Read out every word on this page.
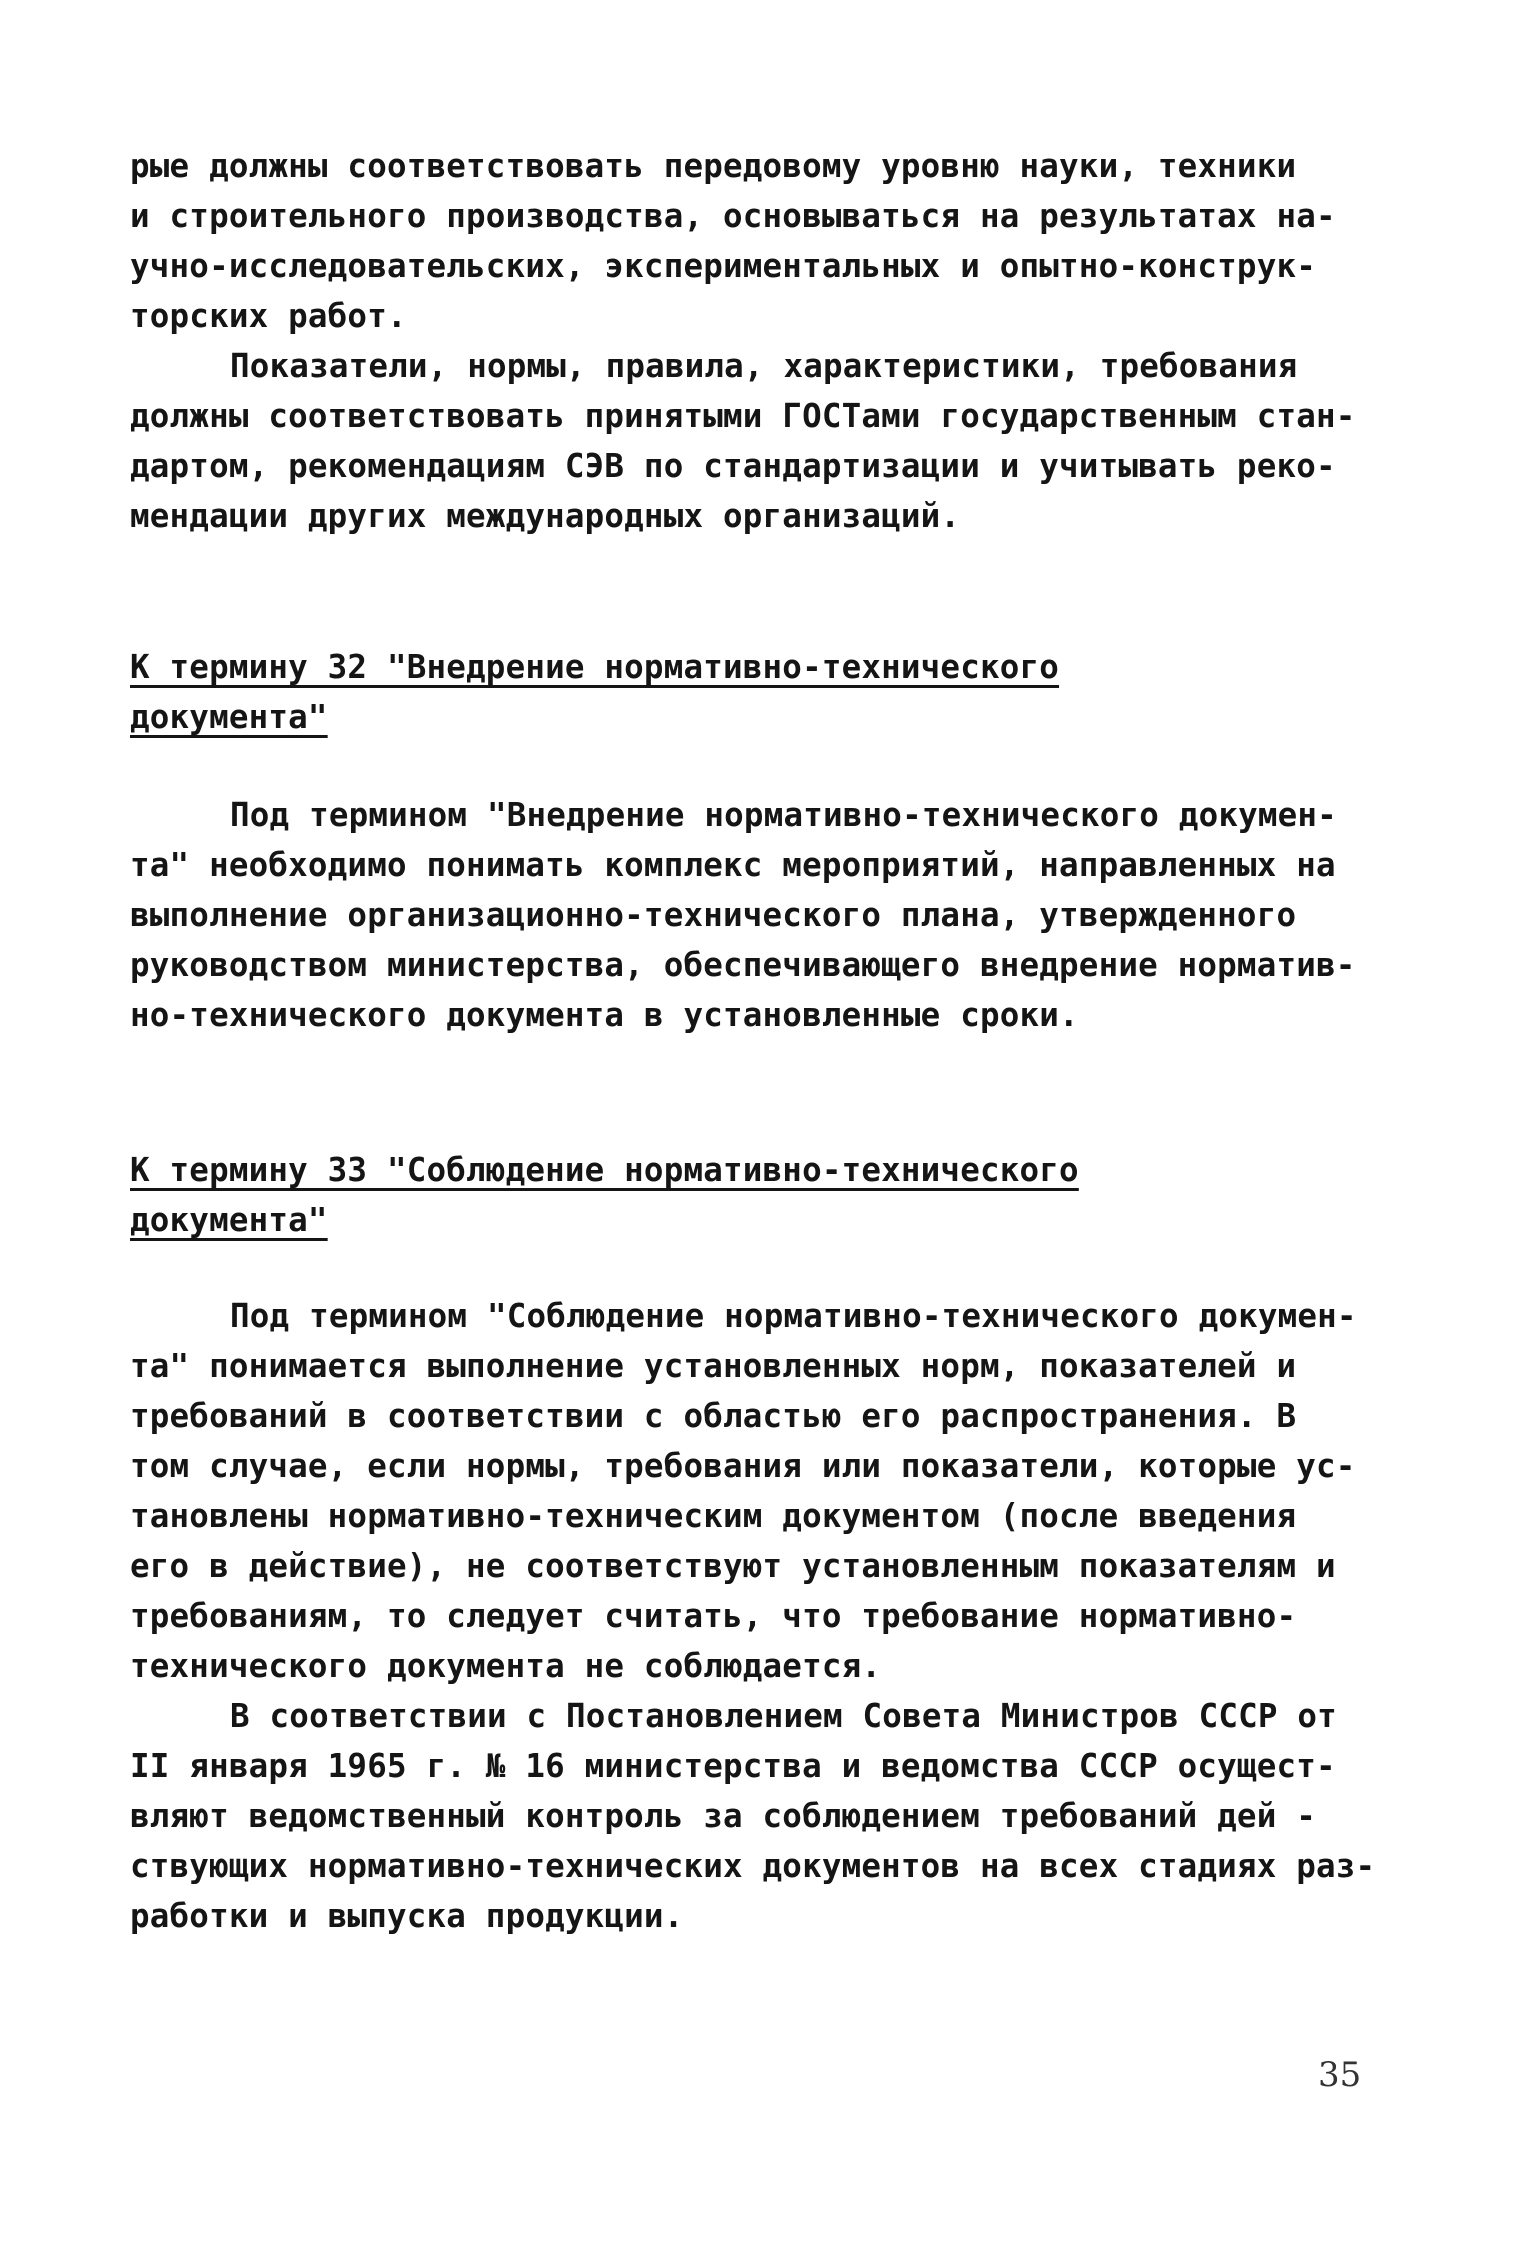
рые должны соответствовать передовому уровню науки, техники
и строительного производства, основываться на результатах на-
учно-исследовательских, экспериментальных и опытно-конструк-
торских работ.
Показатели, нормы, правила, характеристики, требования
должны соответствовать принятыми ГОСТами государственным стан-
дартом, рекомендациям СЭВ по стандартизации и учитывать реко-
мендации других международных организаций.
К термину 32 "Внедрение нормативно-технического
документа"
Под термином "Внедрение нормативно-технического докумен-
та" необходимо понимать комплекс мероприятий, направленных на
выполнение организационно-технического плана, утвержденного
руководством министерства, обеспечивающего внедрение норматив-
но-технического документа в установленные сроки.
К термину 33 "Соблюдение нормативно-технического
документа"
Под термином "Соблюдение нормативно-технического докумен-
та" понимается выполнение установленных норм, показателей и
требований в соответствии с областью его распространения. В
том случае, если нормы, требования или показатели, которые ус-
тановлены нормативно-техническим документом (после введения
его в действие), не соответствуют установленным показателям и
требованиям, то следует считать, что требование нормативно-
технического документа не соблюдается.
В соответствии с Постановлением Совета Министров СССР от
II января 1965 г. № 16 министерства и ведомства СССР осущест-
вляют ведомственный контроль за соблюдением требований дей -
ствующих нормативно-технических документов на всех стадиях раз-
работки и выпуска продукции.
35
